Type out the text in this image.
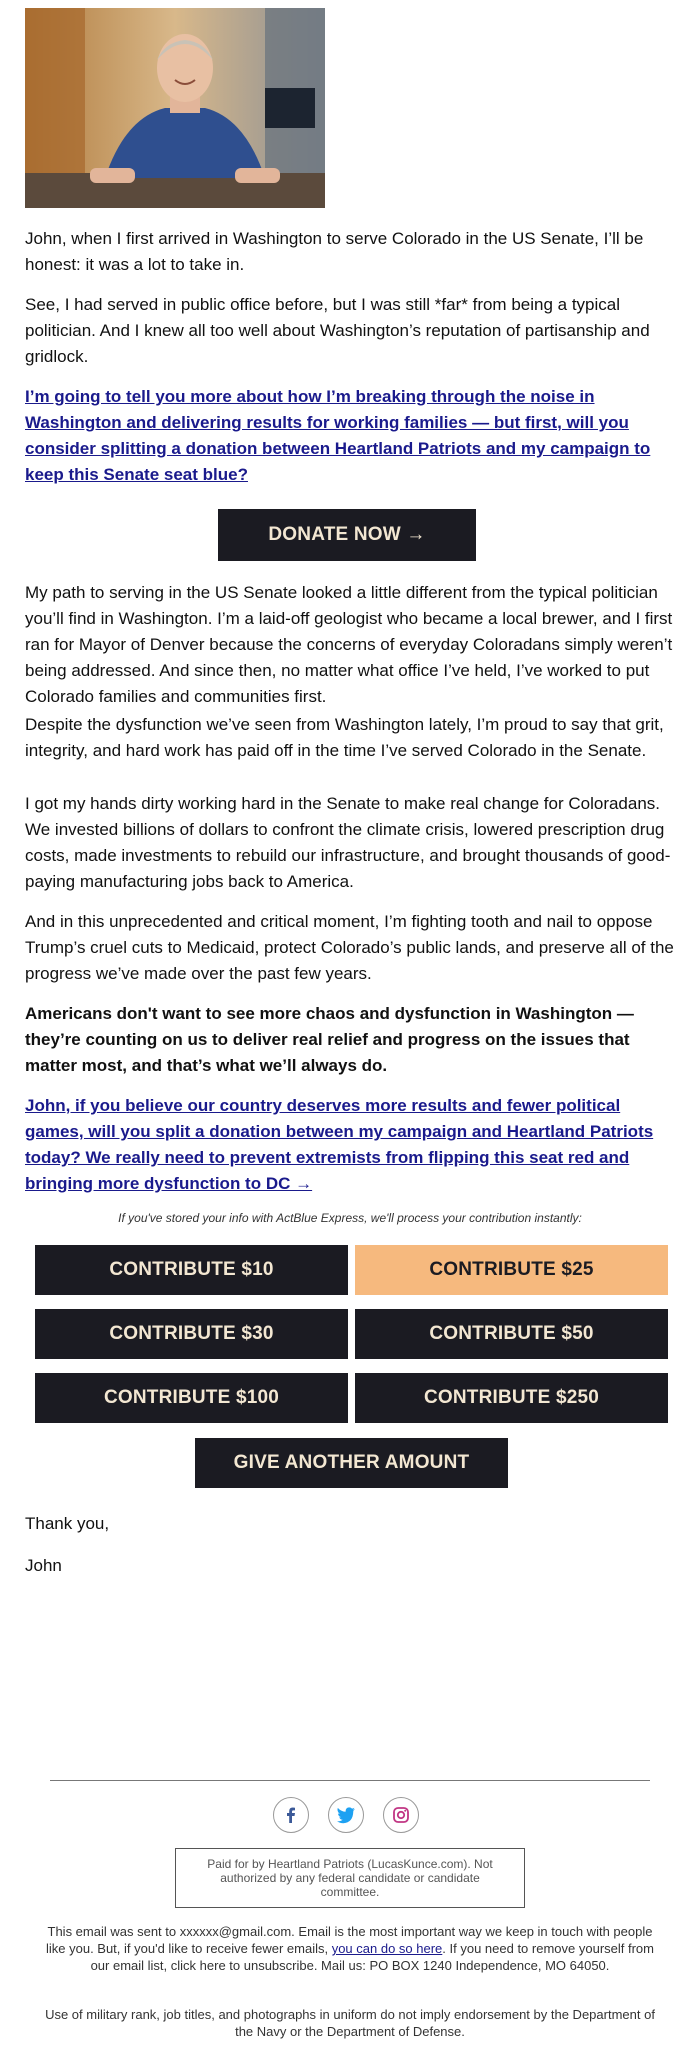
John, when I first arrived in Washington to serve Colorado in the US Senate, I’ll be honest: it was a lot to take in.

See, I had served in public office before, but I was still *far* from being a typical politician. And I knew all too well about Washington’s reputation of partisanship and gridlock.

I’m going to tell you more about how I’m breaking through the noise in Washington and delivering results for working families — but first, will you consider splitting a donation between Heartland Patriots and my campaign to keep this Senate seat blue?

DONATE NOW →

My path to serving in the US Senate looked a little different from the typical politician you’ll find in Washington. I’m a laid-off geologist who became a local brewer, and I first ran for Mayor of Denver because the concerns of everyday Coloradans simply weren’t being addressed. And since then, no matter what office I’ve held, I’ve worked to put Colorado families and communities first.

Despite the dysfunction we’ve seen from Washington lately, I’m proud to say that grit, integrity, and hard work has paid off in the time I’ve served Colorado in the Senate.

I got my hands dirty working hard in the Senate to make real change for Coloradans. We invested billions of dollars to confront the climate crisis, lowered prescription drug costs, made investments to rebuild our infrastructure, and brought thousands of good-paying manufacturing jobs back to America.

And in this unprecedented and critical moment, I’m fighting tooth and nail to oppose Trump’s cruel cuts to Medicaid, protect Colorado’s public lands, and preserve all of the progress we’ve made over the past few years.

Americans don't want to see more chaos and dysfunction in Washington — they’re counting on us to deliver real relief and progress on the issues that matter most, and that’s what we’ll always do.

John, if you believe our country deserves more results and fewer political games, will you split a donation between my campaign and Heartland Patriots today? We really need to prevent extremists from flipping this seat red and bringing more dysfunction to DC →

If you've stored your info with ActBlue Express, we'll process your contribution instantly:
CONTRIBUTE $10	CONTRIBUTE $25
CONTRIBUTE $30	CONTRIBUTE $50
CONTRIBUTE $100	CONTRIBUTE $250
GIVE ANOTHER AMOUNT
Thank you,
John
Paid for by Heartland Patriots (LucasKunce.com). Not authorized by any federal candidate or candidate committee.
This email was sent to xxxxxx@gmail.com. Email is the most important way we keep in touch with people like you. But, if you'd like to receive fewer emails, you can do so here. If you need to remove yourself from our email list, click here to unsubscribe. Mail us: PO BOX 1240 Independence, MO 64050.
Use of military rank, job titles, and photographs in uniform do not imply endorsement by the Department of the Navy or the Department of Defense.
